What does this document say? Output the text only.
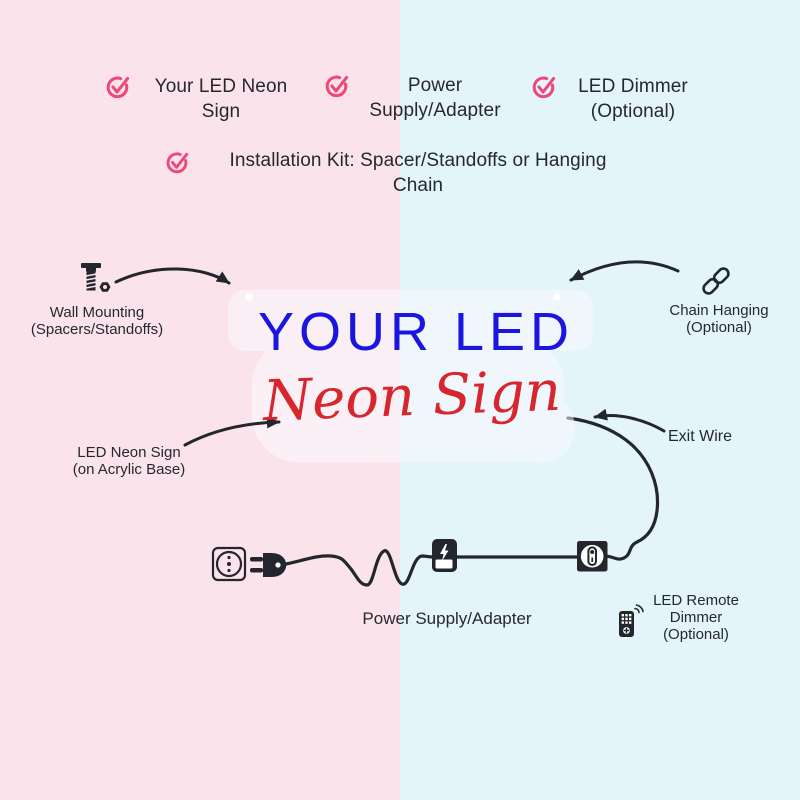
Your LED Neon
Sign
Power
Supply/Adapter
LED Dimmer
(Optional)
Installation Kit: Spacer/Standoffs or Hanging
Chain
YOUR LED
Neon Sign
Wall Mounting
(Spacers/Standoffs)
Chain Hanging
(Optional)
LED Neon Sign
(on Acrylic Base)
Exit Wire
Power Supply/Adapter
LED Remote
Dimmer
(Optional)
